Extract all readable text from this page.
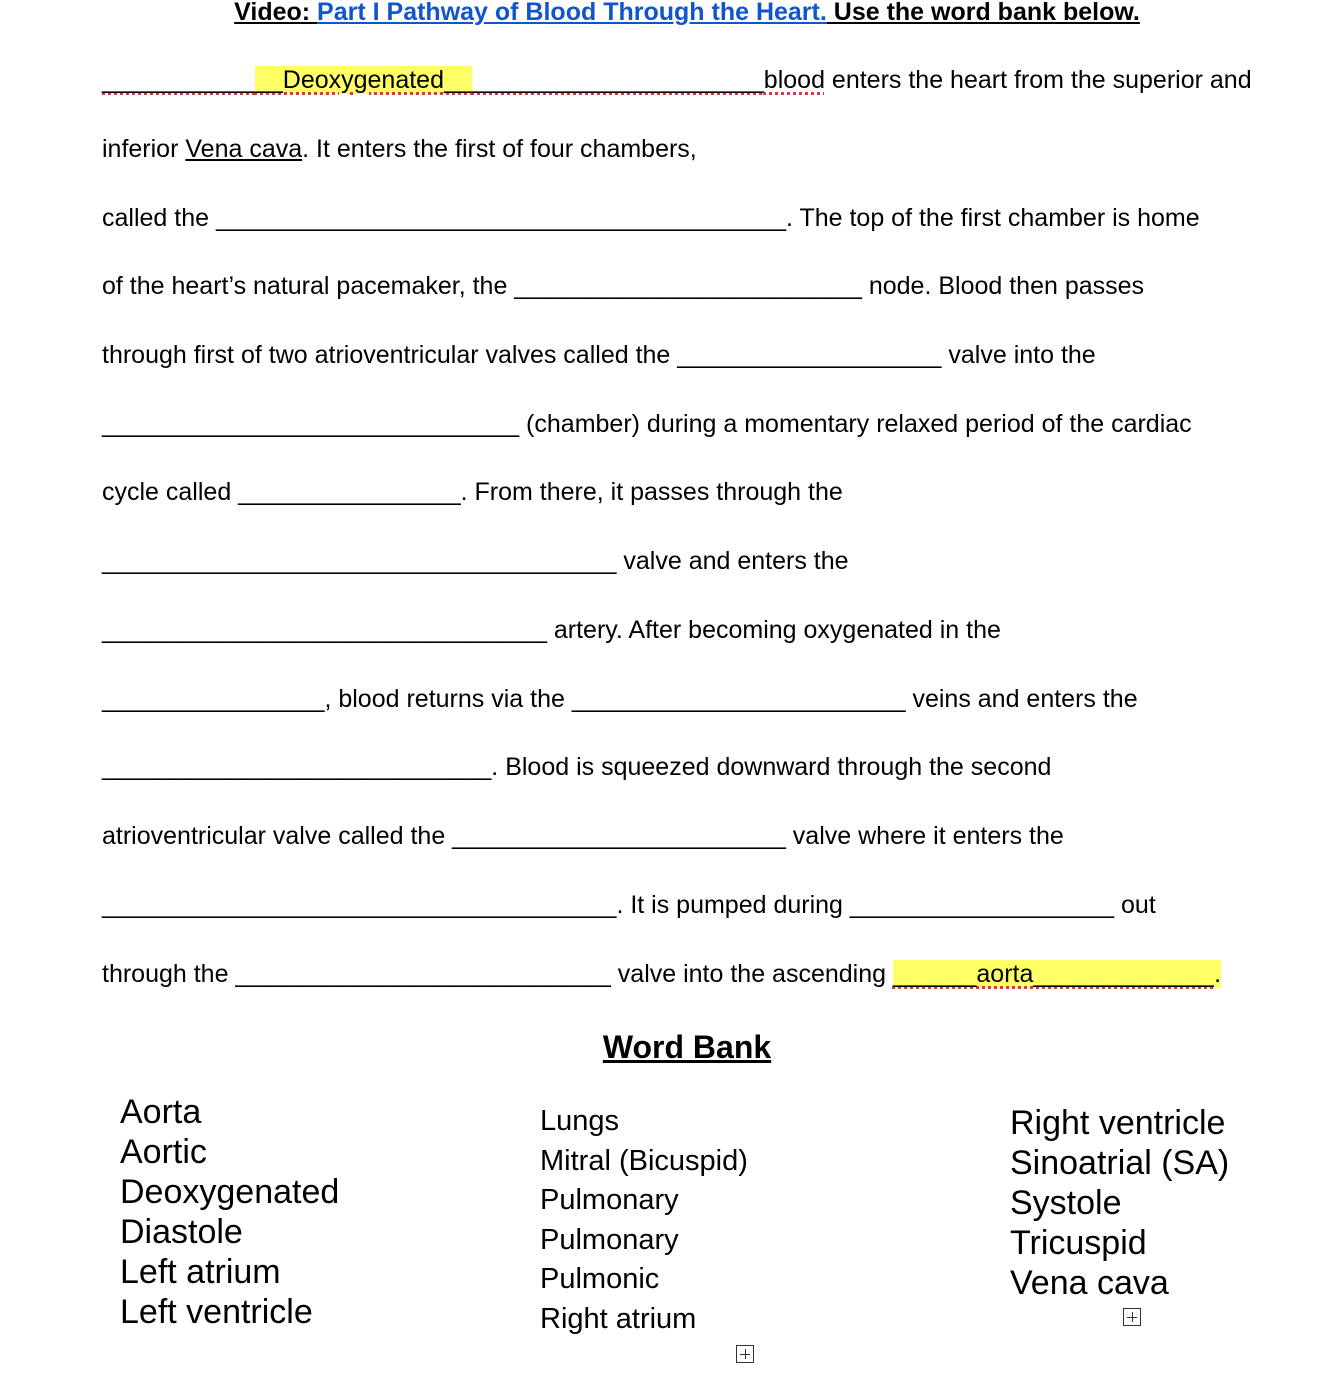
Video: Part I Pathway of Blood Through the Heart. Use the word bank below.
_____________Deoxygenated_______________________blood enters the heart from the superior and
inferior Vena cava. It enters the first of four chambers,
called the _________________________________________. The top of the first chamber is home
of the heart’s natural pacemaker, the _________________________ node. Blood then passes
through first of two atrioventricular valves called the ___________________ valve into the
______________________________ (chamber) during a momentary relaxed period of the cardiac
cycle called ________________. From there, it passes through the
_____________________________________ valve and enters the
________________________________ artery. After becoming oxygenated in the
________________, blood returns via the ________________________ veins and enters the
____________________________. Blood is squeezed downward through the second
atrioventricular valve called the ________________________ valve where it enters the
_____________________________________. It is pumped during ___________________ out
through the ___________________________ valve into the ascending ______aorta_____________.
Word Bank
Aorta
Aortic
Deoxygenated
Diastole
Left atrium
Left ventricle
Lungs
Mitral (Bicuspid)
Pulmonary
Pulmonary
Pulmonic
Right atrium
Right ventricle
Sinoatrial (SA)
Systole
Tricuspid
Vena cava
